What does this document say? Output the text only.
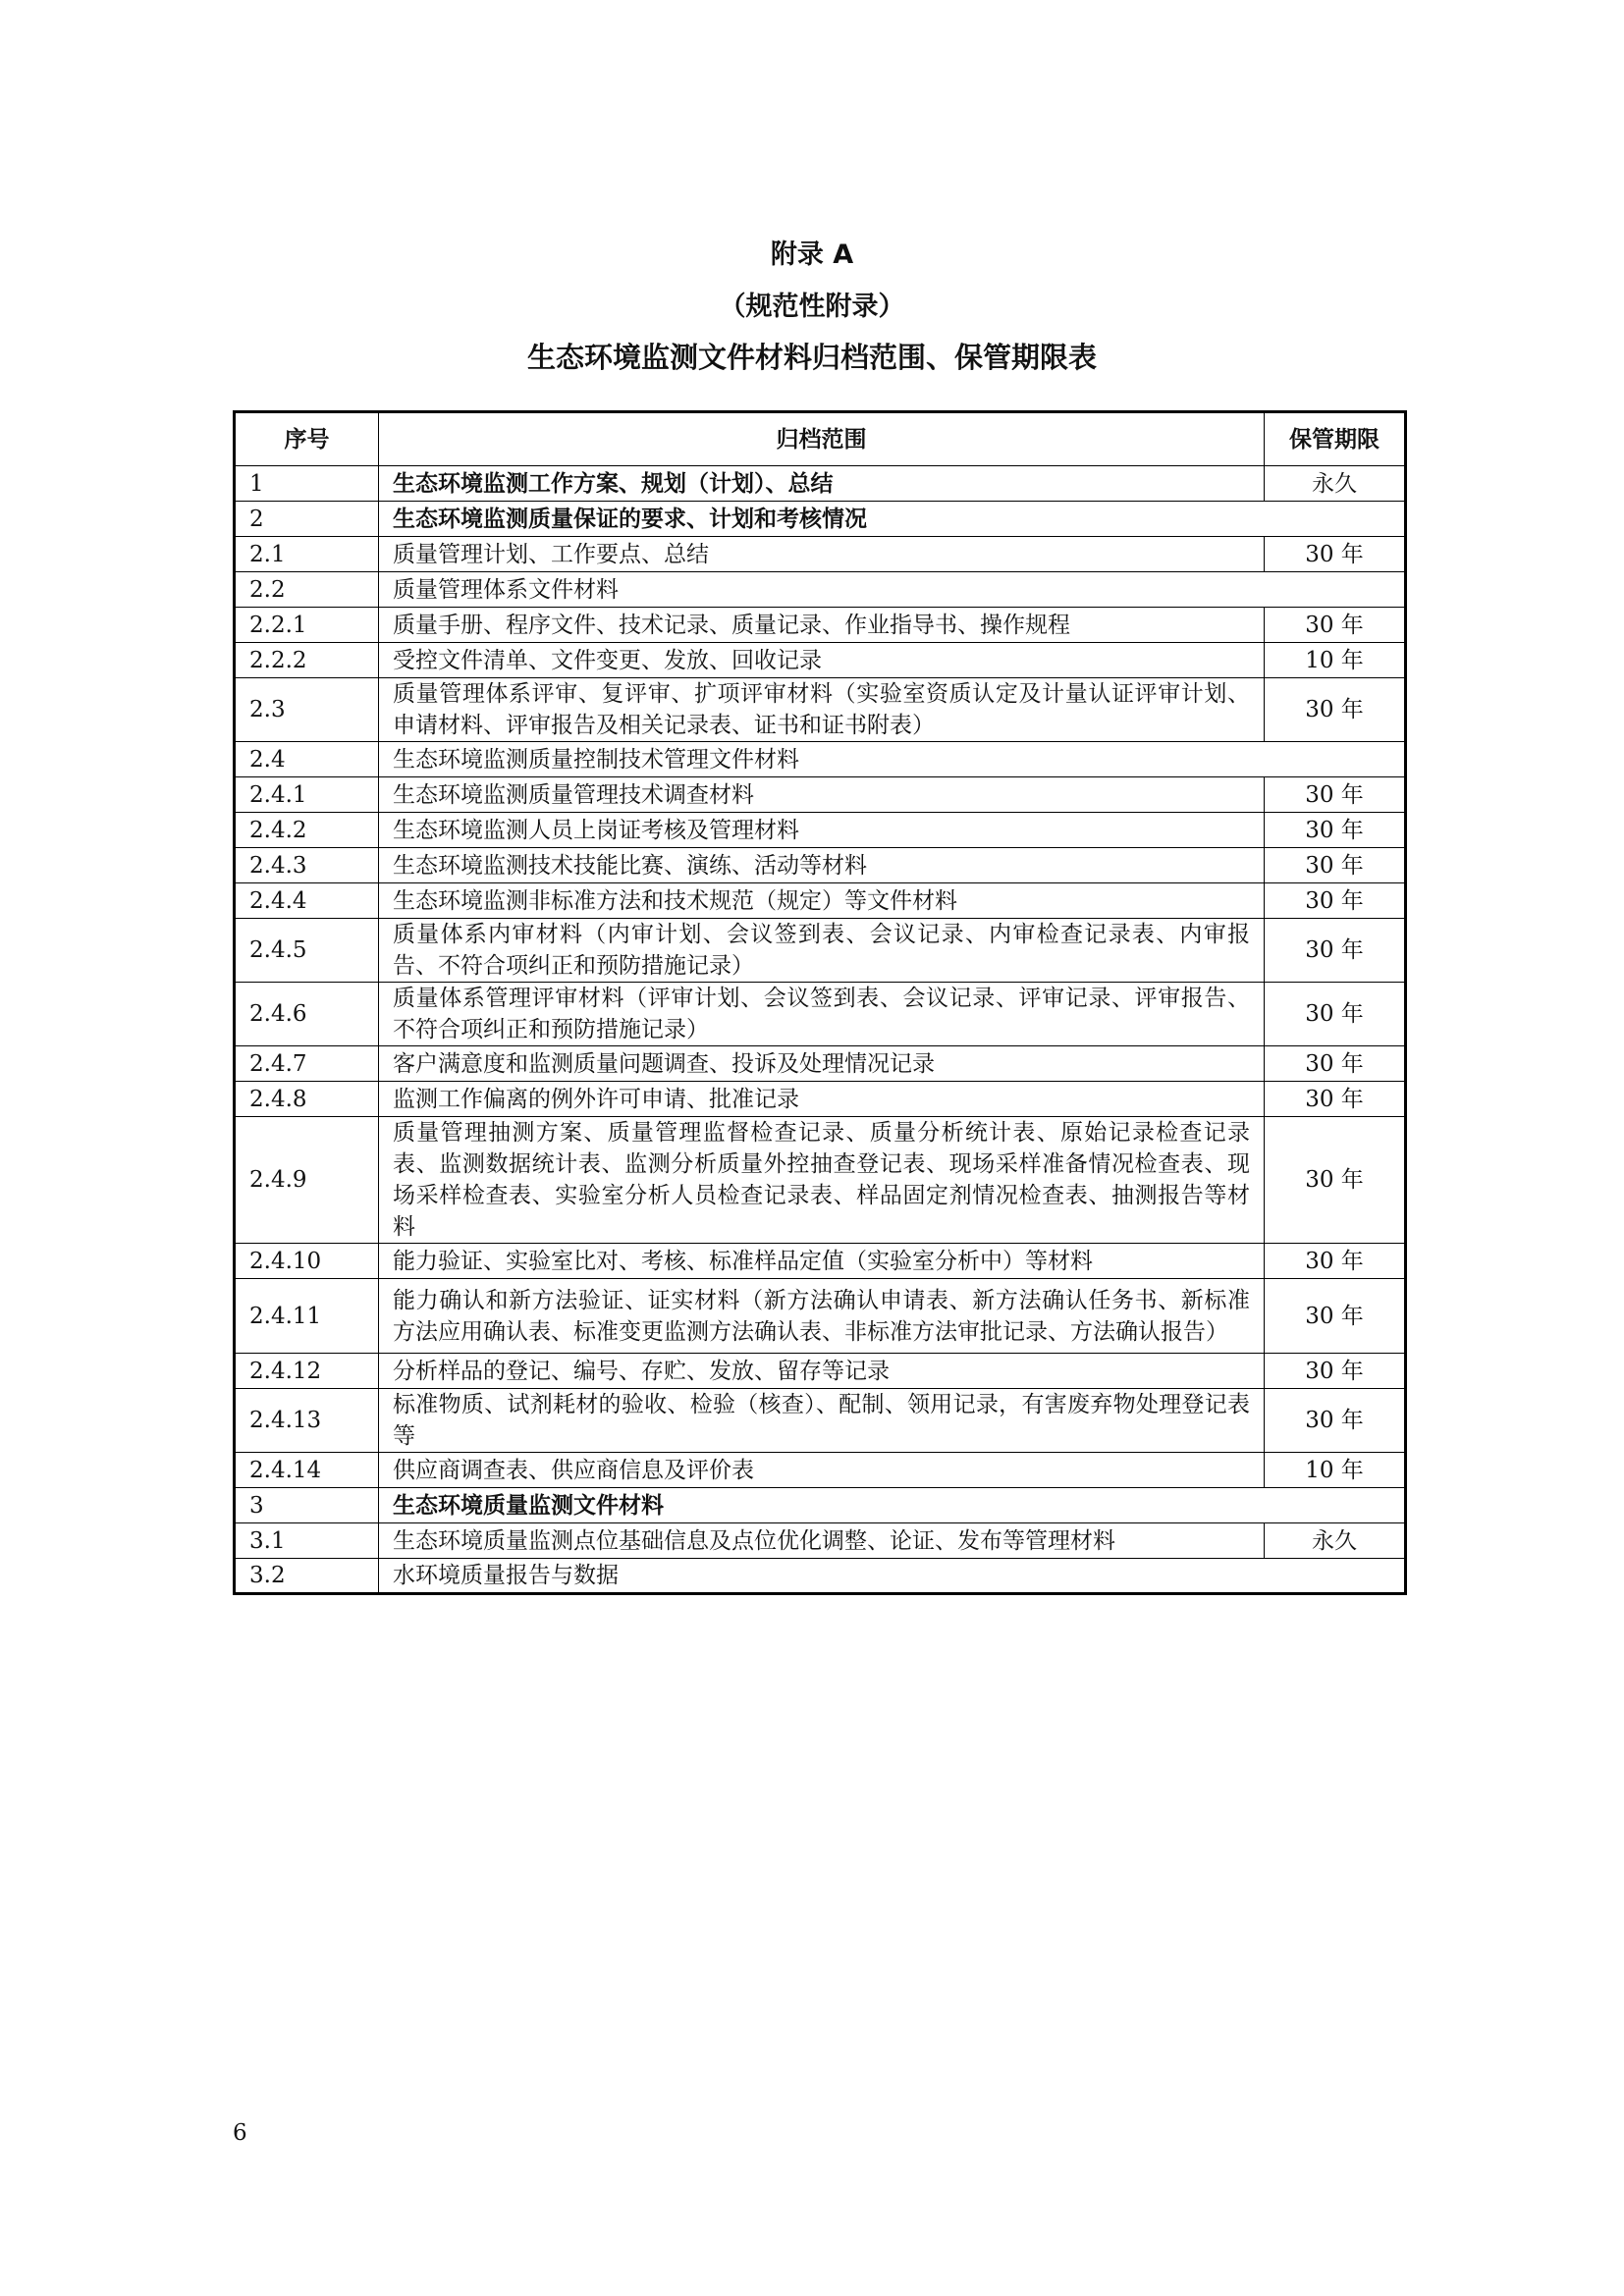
附录 A
（规范性附录）
生态环境监测文件材料归档范围、保管期限表
序号	归档范围	保管期限
1	生态环境监测工作方案、规划（计划）、总结	永久
2	生态环境监测质量保证的要求、计划和考核情况	
2.1	质量管理计划、工作要点、总结	30 年
2.2	质量管理体系文件材料	
2.2.1	质量手册、程序文件、技术记录、质量记录、作业指导书、操作规程	30 年
2.2.2	受控文件清单、文件变更、发放、回收记录	10 年
2.3	质量管理体系评审、复评审、扩项评审材料（实验室资质认定及计量认证评审计划、申请材料、评审报告及相关记录表、证书和证书附表）	30 年
2.4	生态环境监测质量控制技术管理文件材料	
2.4.1	生态环境监测质量管理技术调查材料	30 年
2.4.2	生态环境监测人员上岗证考核及管理材料	30 年
2.4.3	生态环境监测技术技能比赛、演练、活动等材料	30 年
2.4.4	生态环境监测非标准方法和技术规范（规定）等文件材料	30 年
2.4.5	质量体系内审材料（内审计划、会议签到表、会议记录、内审检查记录表、内审报告、不符合项纠正和预防措施记录）	30 年
2.4.6	质量体系管理评审材料（评审计划、会议签到表、会议记录、评审记录、评审报告、不符合项纠正和预防措施记录）	30 年
2.4.7	客户满意度和监测质量问题调查、投诉及处理情况记录	30 年
2.4.8	监测工作偏离的例外许可申请、批准记录	30 年
2.4.9	质量管理抽测方案、质量管理监督检查记录、质量分析统计表、原始记录检查记录表、监测数据统计表、监测分析质量外控抽查登记表、现场采样准备情况检查表、现场采样检查表、实验室分析人员检查记录表、样品固定剂情况检查表、抽测报告等材料	30 年
2.4.10	能力验证、实验室比对、考核、标准样品定值（实验室分析中）等材料	30 年
2.4.11	能力确认和新方法验证、证实材料（新方法确认申请表、新方法确认任务书、新标准方法应用确认表、标准变更监测方法确认表、非标准方法审批记录、方法确认报告）	30 年
2.4.12	分析样品的登记、编号、存贮、发放、留存等记录	30 年
2.4.13	标准物质、试剂耗材的验收、检验（核查）、配制、领用记录，有害废弃物处理登记表等	30 年
2.4.14	供应商调查表、供应商信息及评价表	10 年
3	生态环境质量监测文件材料	
3.1	生态环境质量监测点位基础信息及点位优化调整、论证、发布等管理材料	永久
3.2	水环境质量报告与数据	
6
